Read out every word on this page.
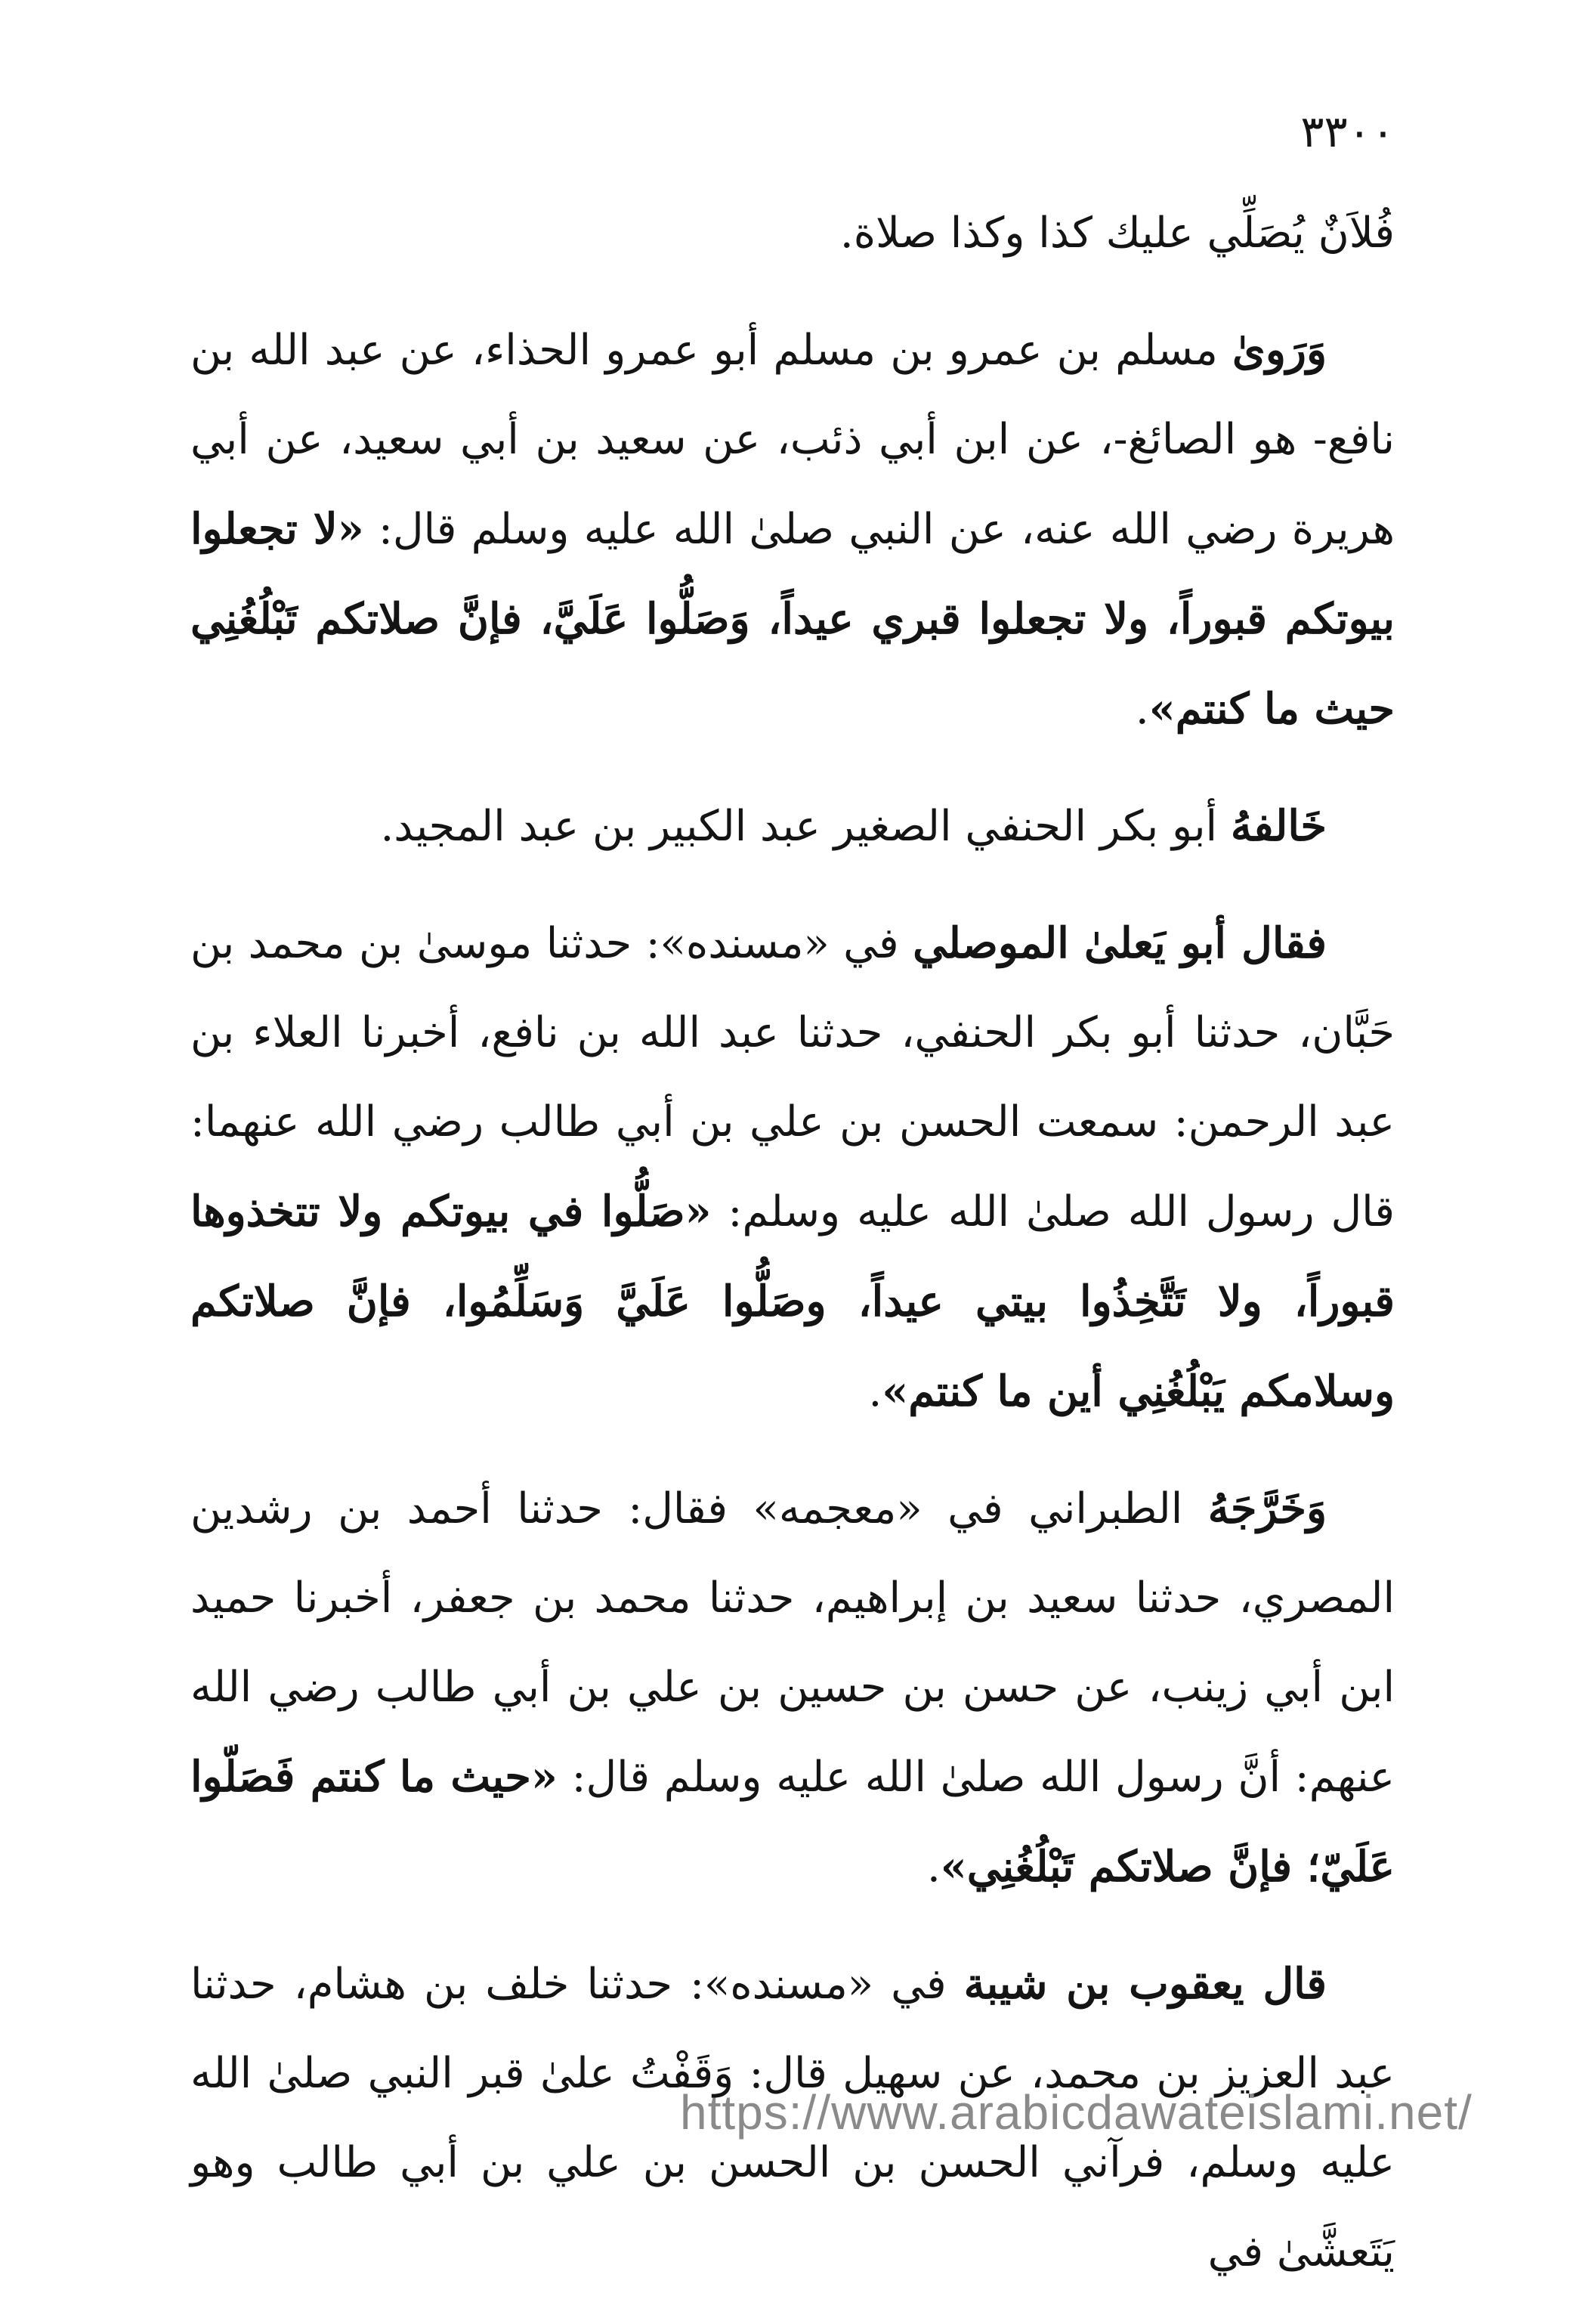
٣٣٠٠

فُلاَنٌ يُصَلِّي عليك كذا وكذا صلاة.

وَرَوىٰ مسلم بن عمرو بن مسلم أبو عمرو الحذاء، عن عبد الله بن نافع- هو الصائغ-، عن ابن أبي ذئب، عن سعيد بن أبي سعيد، عن أبي هريرة رضي الله عنه، عن النبي صلىٰ الله عليه وسلم قال: «لا تجعلوا بيوتكم قبوراً، ولا تجعلوا قبري عيداً، وَصَلُّوا عَلَيَّ، فإنَّ صلاتكم تَبْلُغُنِي حيث ما كنتم».

خَالفهُ أبو بكر الحنفي الصغير عبد الكبير بن عبد المجيد.

فقال أبو يَعلىٰ الموصلي في «مسنده»: حدثنا موسىٰ بن محمد بن حَبَّان، حدثنا أبو بكر الحنفي، حدثنا عبد الله بن نافع، أخبرنا العلاء بن عبد الرحمن: سمعت الحسن بن علي بن أبي طالب رضي الله عنهما: قال رسول الله صلىٰ الله عليه وسلم: «صَلُّوا في بيوتكم ولا تتخذوها قبوراً، ولا تَتَّخِذُوا بيتي عيداً، وصَلُّوا عَلَيَّ وَسَلِّمُوا، فإنَّ صلاتكم وسلامكم يَبْلُغُنِي أين ما كنتم».

وَخَرَّجَهُ الطبراني في «معجمه» فقال: حدثنا أحمد بن رشدين المصري، حدثنا سعيد بن إبراهيم، حدثنا محمد بن جعفر، أخبرنا حميد ابن أبي زينب، عن حسن بن حسين بن علي بن أبي طالب رضي الله عنهم: أنَّ رسول الله صلىٰ الله عليه وسلم قال: «حيث ما كنتم فَصَلّوا عَلَيّ؛ فإنَّ صلاتكم تَبْلُغُنِي».

قال يعقوب بن شيبة في «مسنده»: حدثنا خلف بن هشام، حدثنا عبد العزيز بن محمد، عن سهيل قال: وَقَفْتُ علىٰ قبر النبي صلىٰ الله عليه وسلم، فرآني الحسن بن الحسن بن علي بن أبي طالب وهو يَتَعشَّىٰ في

https://www.arabicdawateislami.net/
